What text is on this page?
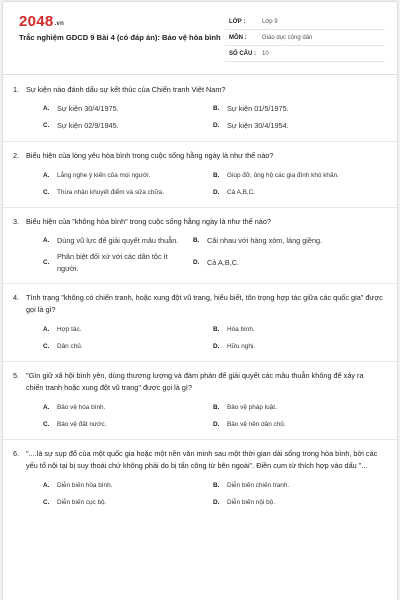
2048.vn
Trắc nghiệm GDCD 9 Bài 4 (có đáp án): Bảo vệ hòa bình
LỚP :	Lớp 9
MÔN :	Giáo dục công dân
SỐ CÂU :	10
1. Sự kiện nào đánh dấu sự kết thúc của Chiến tranh Việt Nam?
A.	Sự kiện 30/4/1975.	B.	Sự kiện 01/5/1975.
C.	Sự kiện 02/9/1945.	D.	Sự kiện 30/4/1954.
2. Biểu hiện của lòng yêu hòa bình trong cuộc sống hằng ngày là như thế nào?
A.	Lắng nghe ý kiến của mọi người.	B.	Giúp đỡ, ủng hộ các gia đình khó khăn.
C.	Thừa nhận khuyết điểm và sửa chữa.	D.	Cả A,B,C.
3. Biểu hiện của "không hòa bình" trong cuộc sống hằng ngày là như thế nào?
A.	Dùng vũ lực để giải quyết mâu thuẫn. B.	Cãi nhau với hàng xóm, láng giềng.
C.
Phân biệt đối xử với các dân tộc ít người.
D.	Cả A,B,C.
4. Tình trạng "không có chiến tranh, hoặc xung đột vũ trang, hiểu biết, tôn trọng hợp tác giữa các quốc gia" được gọi là gì?
A.	Hợp tác.	B.	Hòa bình.
C.	Dân chủ.	D.	Hữu nghị.
5. "Gìn giữ xã hội bình yên, dùng thương lượng và đàm phán để giải quyết các mâu thuẫn không để xảy ra chiến tranh hoặc xung đột vũ trang" được gọi là gì?
A.	Bảo vệ hòa bình.	B.	Bảo vệ pháp luật.
C.	Bảo vệ đất nước.	D.	Bảo vệ nền dân chủ.
6. "....là sự sụp đổ của một quốc gia hoặc một nền văn minh sau một thời gian dài sống trong hòa bình, bởi các yếu tố nội tại bị suy thoái chứ không phải do bị tấn công từ bên ngoài". Điền cụm từ thích hợp vào dấu "...
A.	Diễn biến hòa bình.	B.	Diễn biến chiến tranh.
C.	Diễn biến cục bộ.	D.	Diễn biến nội bộ.
